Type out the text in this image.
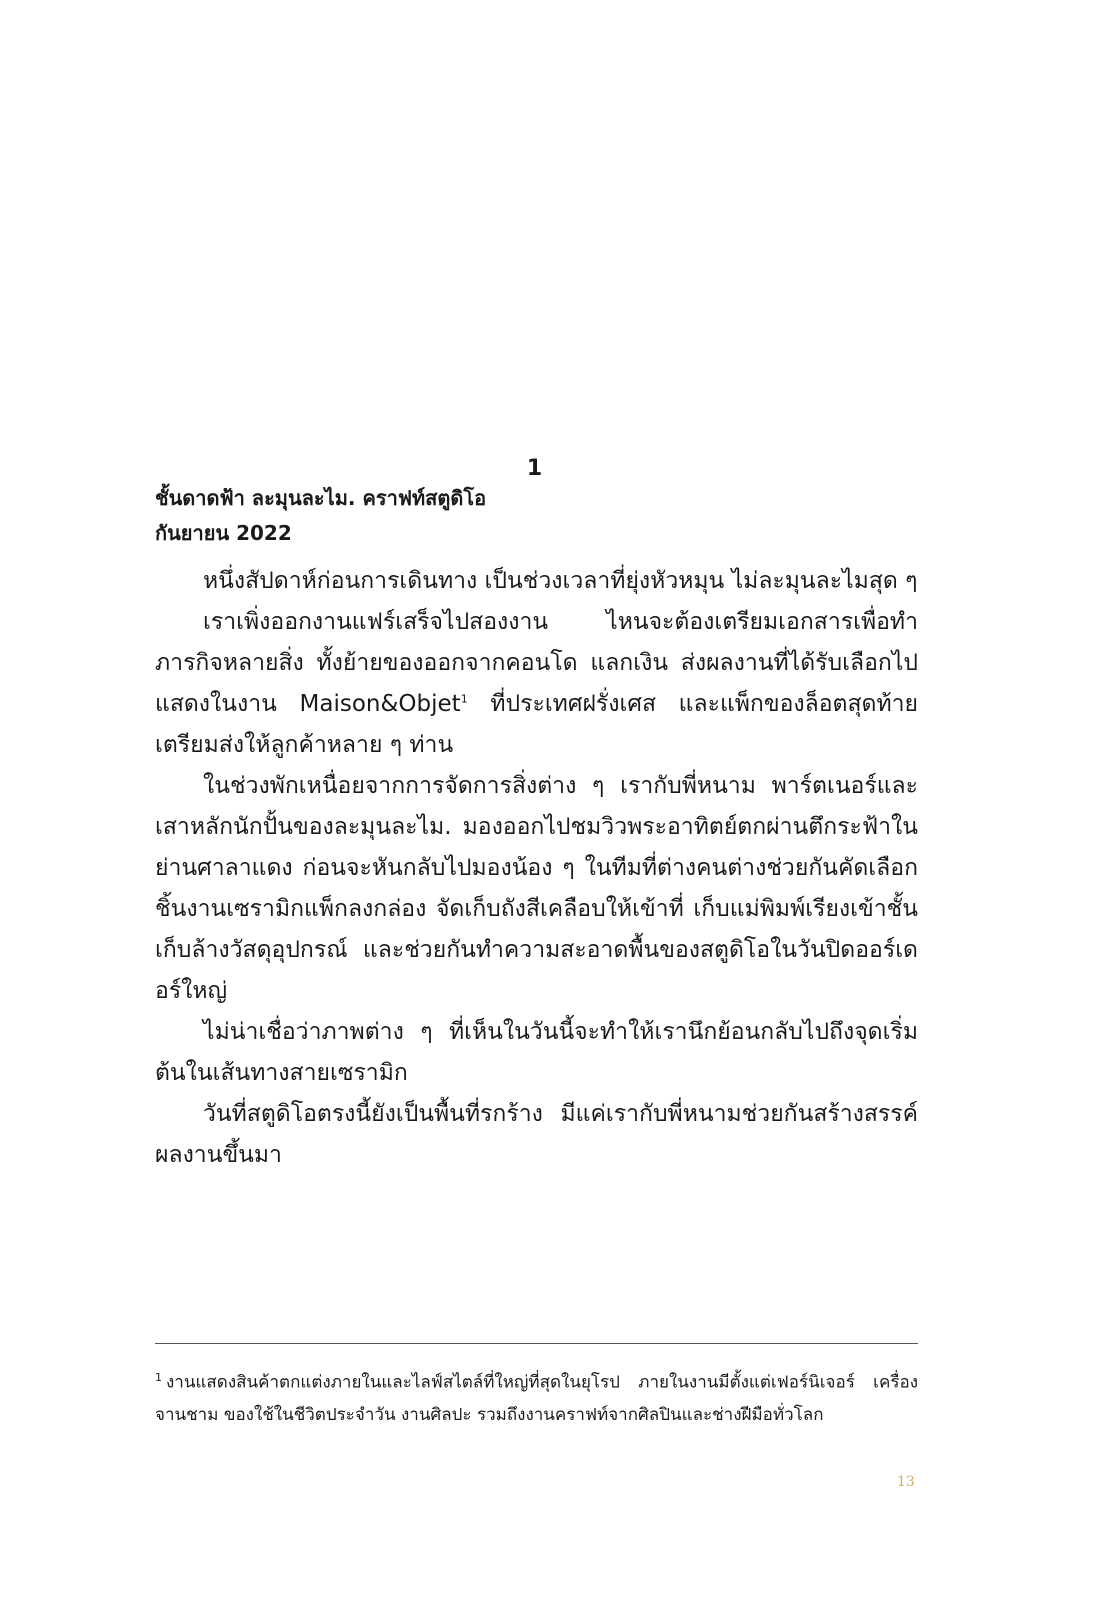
1
ชั้นดาดฟ้า ละมุนละไม. คราฟท์สตูดิโอ
กันยายน 2022

หนึ่งสัปดาห์ก่อนการเดินทาง เป็นช่วงเวลาที่ยุ่งหัวหมุน ไม่ละมุนละไมสุด ๆ

เราเพิ่งออกงานแฟร์เสร็จไปสองงาน ไหนจะต้องเตรียมเอกสารเพื่อทำภารกิจหลายสิ่ง ทั้งย้ายของออกจากคอนโด แลกเงิน ส่งผลงานที่ได้รับเลือกไปแสดงในงาน Maison&Objet$^1$ ที่ประเทศฝรั่งเศส และแพ็กของล็อตสุดท้ายเตรียมส่งให้ลูกค้าหลาย ๆ ท่าน

ในช่วงพักเหนื่อยจากการจัดการสิ่งต่าง ๆ เรากับพี่หนาม พาร์ตเนอร์และเสาหลักนักปั้นของละมุนละไม. มองออกไปชมวิวพระอาทิตย์ตกผ่านตึกระฟ้าในย่านศาลาแดง ก่อนจะหันกลับไปมองน้อง ๆ ในทีมที่ต่างคนต่างช่วยกันคัดเลือกชิ้นงานเซรามิกแพ็กลงกล่อง จัดเก็บถังสีเคลือบให้เข้าที่ เก็บแม่พิมพ์เรียงเข้าชั้น เก็บล้างวัสดุอุปกรณ์ และช่วยกันทำความสะอาดพื้นของสตูดิโอในวันปิดออร์เดอร์ใหญ่

ไม่น่าเชื่อว่าภาพต่าง ๆ ที่เห็นในวันนี้จะทำให้เรานึกย้อนกลับไปถึงจุดเริ่มต้นในเส้นทางสายเซรามิก

วันที่สตูดิโอตรงนี้ยังเป็นพื้นที่รกร้าง มีแค่เรากับพี่หนามช่วยกันสร้างสรรค์ผลงานขึ้นมา

$^1$ งานแสดงสินค้าตกแต่งภายในและไลฟ์สไตล์ที่ใหญ่ที่สุดในยุโรป ภายในงานมีตั้งแต่เฟอร์นิเจอร์ เครื่องจานชาม ของใช้ในชีวิตประจำวัน งานศิลปะ รวมถึงงานคราฟท์จากศิลปินและช่างฝีมือทั่วโลก
13
